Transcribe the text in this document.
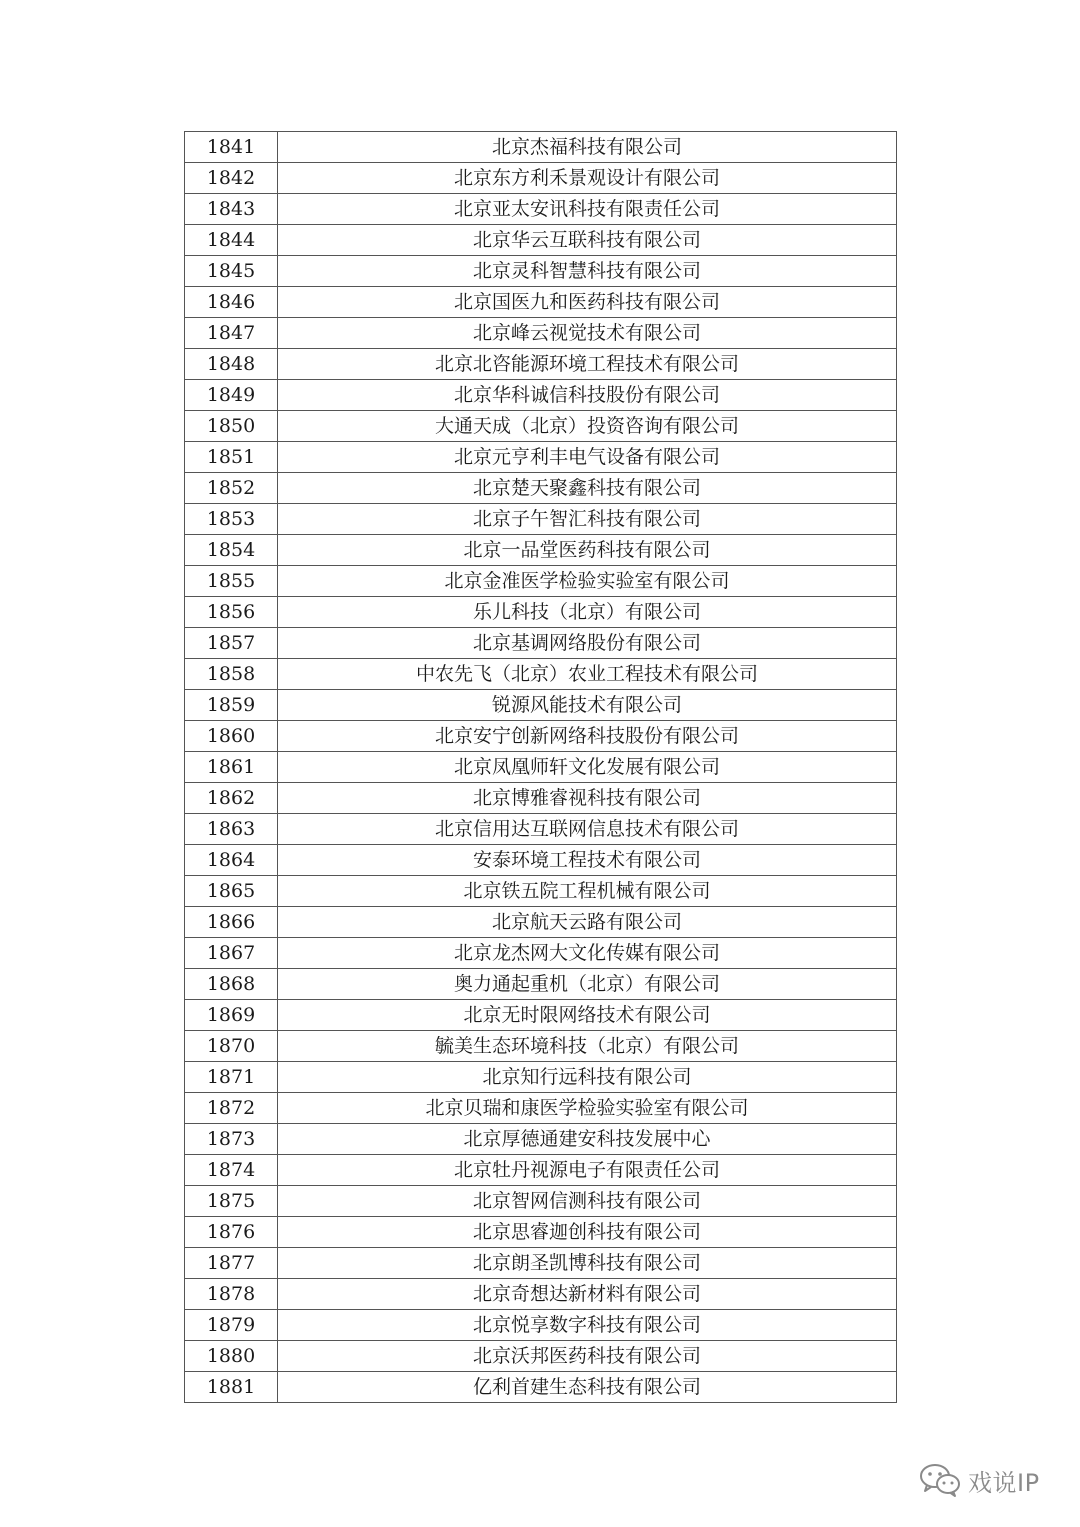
1841	北京杰福科技有限公司
1842	北京东方利禾景观设计有限公司
1843	北京亚太安讯科技有限责任公司
1844	北京华云互联科技有限公司
1845	北京灵科智慧科技有限公司
1846	北京国医九和医药科技有限公司
1847	北京峰云视觉技术有限公司
1848	北京北咨能源环境工程技术有限公司
1849	北京华科诚信科技股份有限公司
1850	大通天成（北京）投资咨询有限公司
1851	北京元亨利丰电气设备有限公司
1852	北京楚天聚鑫科技有限公司
1853	北京子午智汇科技有限公司
1854	北京一品堂医药科技有限公司
1855	北京金准医学检验实验室有限公司
1856	乐儿科技（北京）有限公司
1857	北京基调网络股份有限公司
1858	中农先飞（北京）农业工程技术有限公司
1859	锐源风能技术有限公司
1860	北京安宁创新网络科技股份有限公司
1861	北京凤凰师轩文化发展有限公司
1862	北京博雅睿视科技有限公司
1863	北京信用达互联网信息技术有限公司
1864	安泰环境工程技术有限公司
1865	北京铁五院工程机械有限公司
1866	北京航天云路有限公司
1867	北京龙杰网大文化传媒有限公司
1868	奥力通起重机（北京）有限公司
1869	北京无时限网络技术有限公司
1870	毓美生态环境科技（北京）有限公司
1871	北京知行远科技有限公司
1872	北京贝瑞和康医学检验实验室有限公司
1873	北京厚德通建安科技发展中心
1874	北京牡丹视源电子有限责任公司
1875	北京智网信测科技有限公司
1876	北京思睿迦创科技有限公司
1877	北京朗圣凯博科技有限公司
1878	北京奇想达新材料有限公司
1879	北京悦享数字科技有限公司
1880	北京沃邦医药科技有限公司
1881	亿利首建生态科技有限公司
戏说IP
